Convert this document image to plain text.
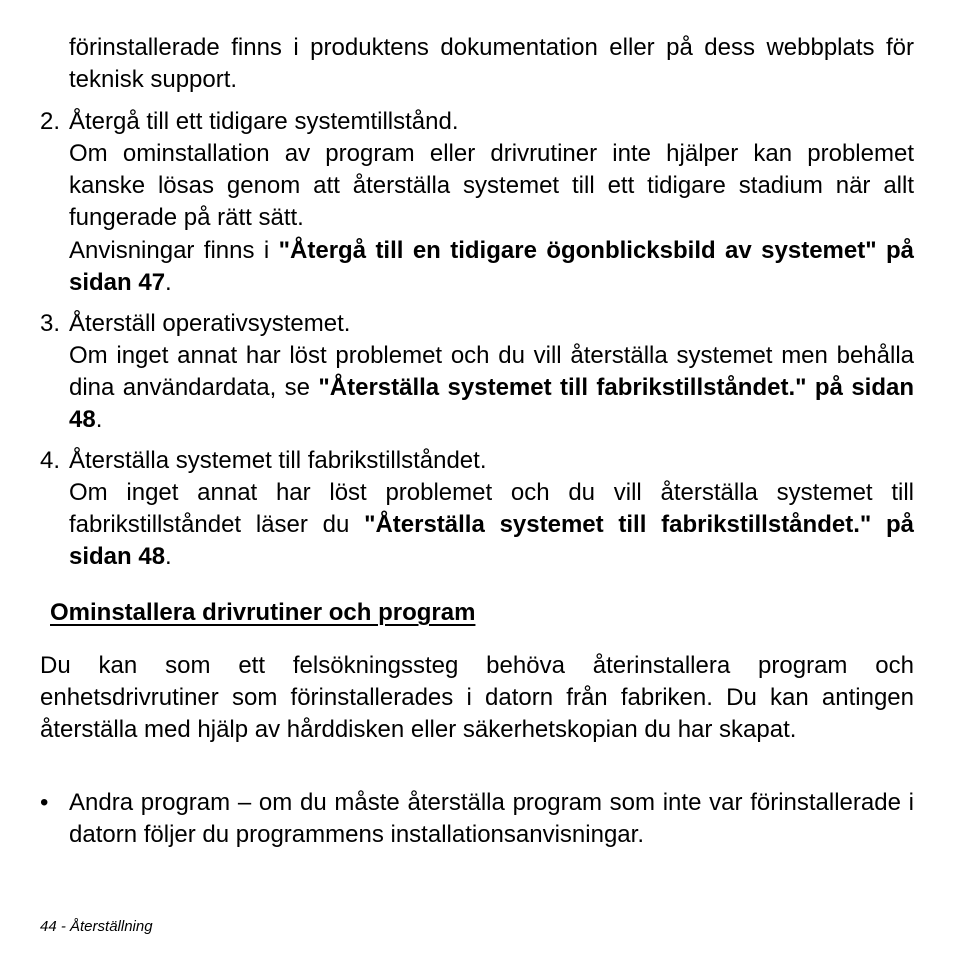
förinstallerade finns i produktens dokumentation eller på dess webbplats för teknisk support.

2. Återgå till ett tidigare systemtillstånd.

Om ominstallation av program eller drivrutiner inte hjälper kan problemet kanske lösas genom att återställa systemet till ett tidigare stadium när allt fungerade på rätt sätt.

Anvisningar finns i "Återgå till en tidigare ögonblicksbild av systemet" på sidan 47.

3. Återställ operativsystemet.

Om inget annat har löst problemet och du vill återställa systemet men behålla dina användardata, se "Återställa systemet till fabrikstillståndet." på sidan 48.

4. Återställa systemet till fabrikstillståndet.

Om inget annat har löst problemet och du vill återställa systemet till fabrikstillståndet läser du "Återställa systemet till fabrikstillståndet." på sidan 48.

Ominstallera drivrutiner och program

Du kan som ett felsökningssteg behöva återinstallera program och enhetsdrivrutiner som förinstallerades i datorn från fabriken. Du kan antingen återställa med hjälp av hårddisken eller säkerhetskopian du har skapat.

• Andra program – om du måste återställa program som inte var förinstallerade i datorn följer du programmens installationsanvisningar.

44 - Återställning
